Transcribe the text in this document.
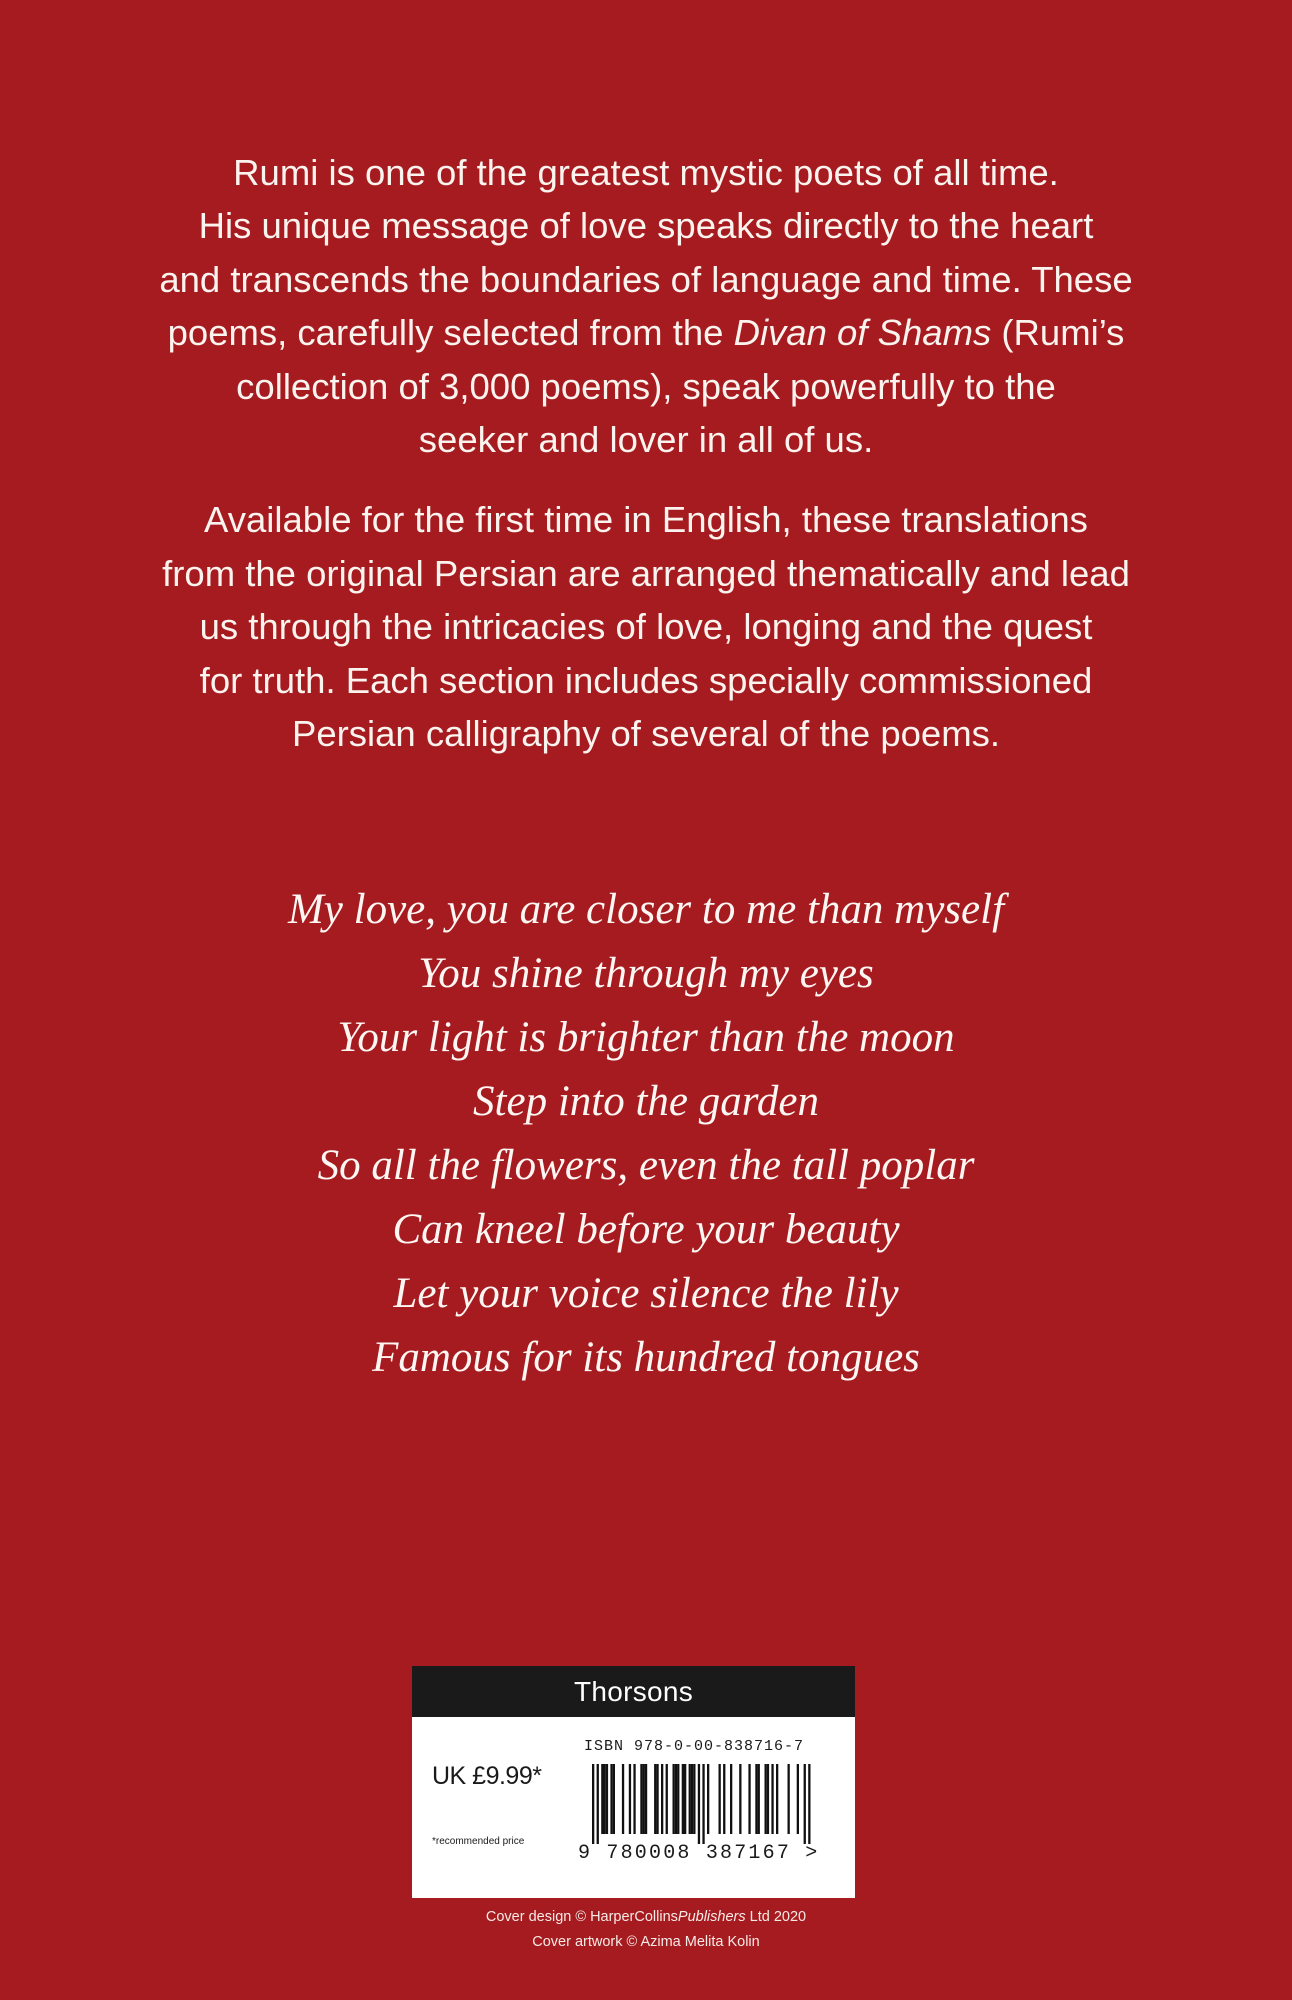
Rumi is one of the greatest mystic poets of all time.
His unique message of love speaks directly to the heart
and transcends the boundaries of language and time. These
poems, carefully selected from the Divan of Shams (Rumi’s
collection of 3,000 poems), speak powerfully to the
seeker and lover in all of us.

Available for the first time in English, these translations
from the original Persian are arranged thematically and lead
us through the intricacies of love, longing and the quest
for truth. Each section includes specially commissioned
Persian calligraphy of several of the poems.

My love, you are closer to me than myself
You shine through my eyes
Your light is brighter than the moon
Step into the garden
So all the flowers, even the tall poplar
Can kneel before your beauty
Let your voice silence the lily
Famous for its hundred tongues
Thorsons
UK £9.99*
*recommended price
ISBN 978-0-00-838716-7
9 780008 387167 >
Cover design © HarperCollinsPublishers Ltd 2020
Cover artwork © Azima Melita Kolin
